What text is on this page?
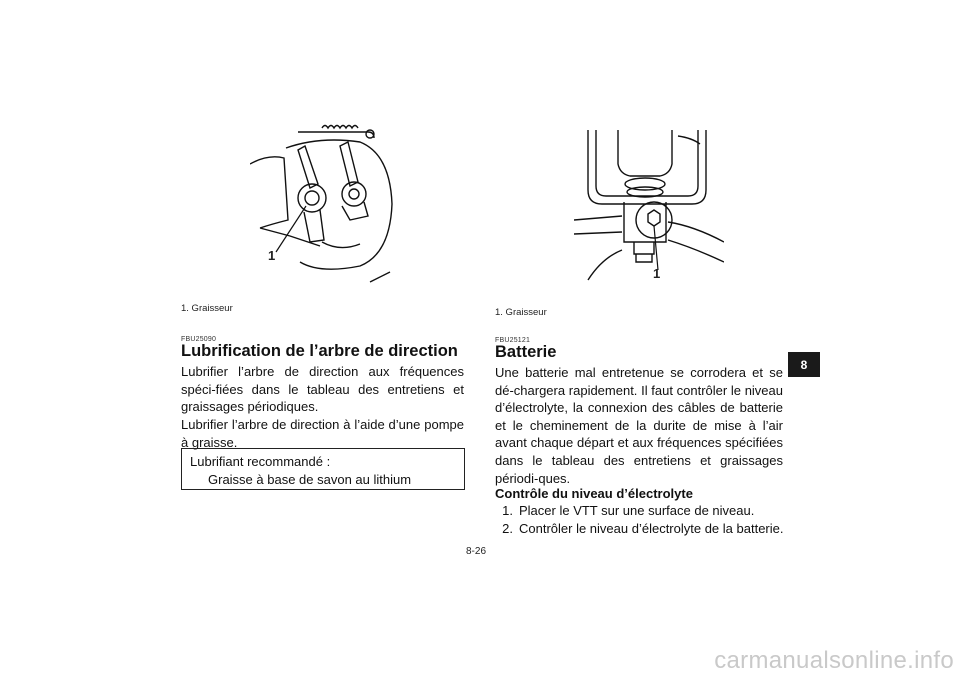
1
1
1. Graisseur
FBU25090
Lubrification de l’arbre de direction

Lubrifier l’arbre de direction aux fréquences spéci-fiées dans le tableau des entretiens et graissages périodiques.

Lubrifier l’arbre de direction à l’aide d’une pompe à graisse.

Lubrifiant recommandé :
Graisse à base de savon au lithium
1. Graisseur
FBU25121
Batterie

Une batterie mal entretenue se corrodera et se dé-chargera rapidement. Il faut contrôler le niveau d’électrolyte, la connexion des câbles de batterie et le cheminement de la durite de mise à l’air avant chaque départ et aux fréquences spécifiées dans le tableau des entretiens et graissages périodi-ques.

Contrôle du niveau d’électrolyte
1. Placer le VTT sur une surface de niveau.
2. Contrôler le niveau d’électrolyte de la batterie.
8-26
8
carmanualsonline.info
